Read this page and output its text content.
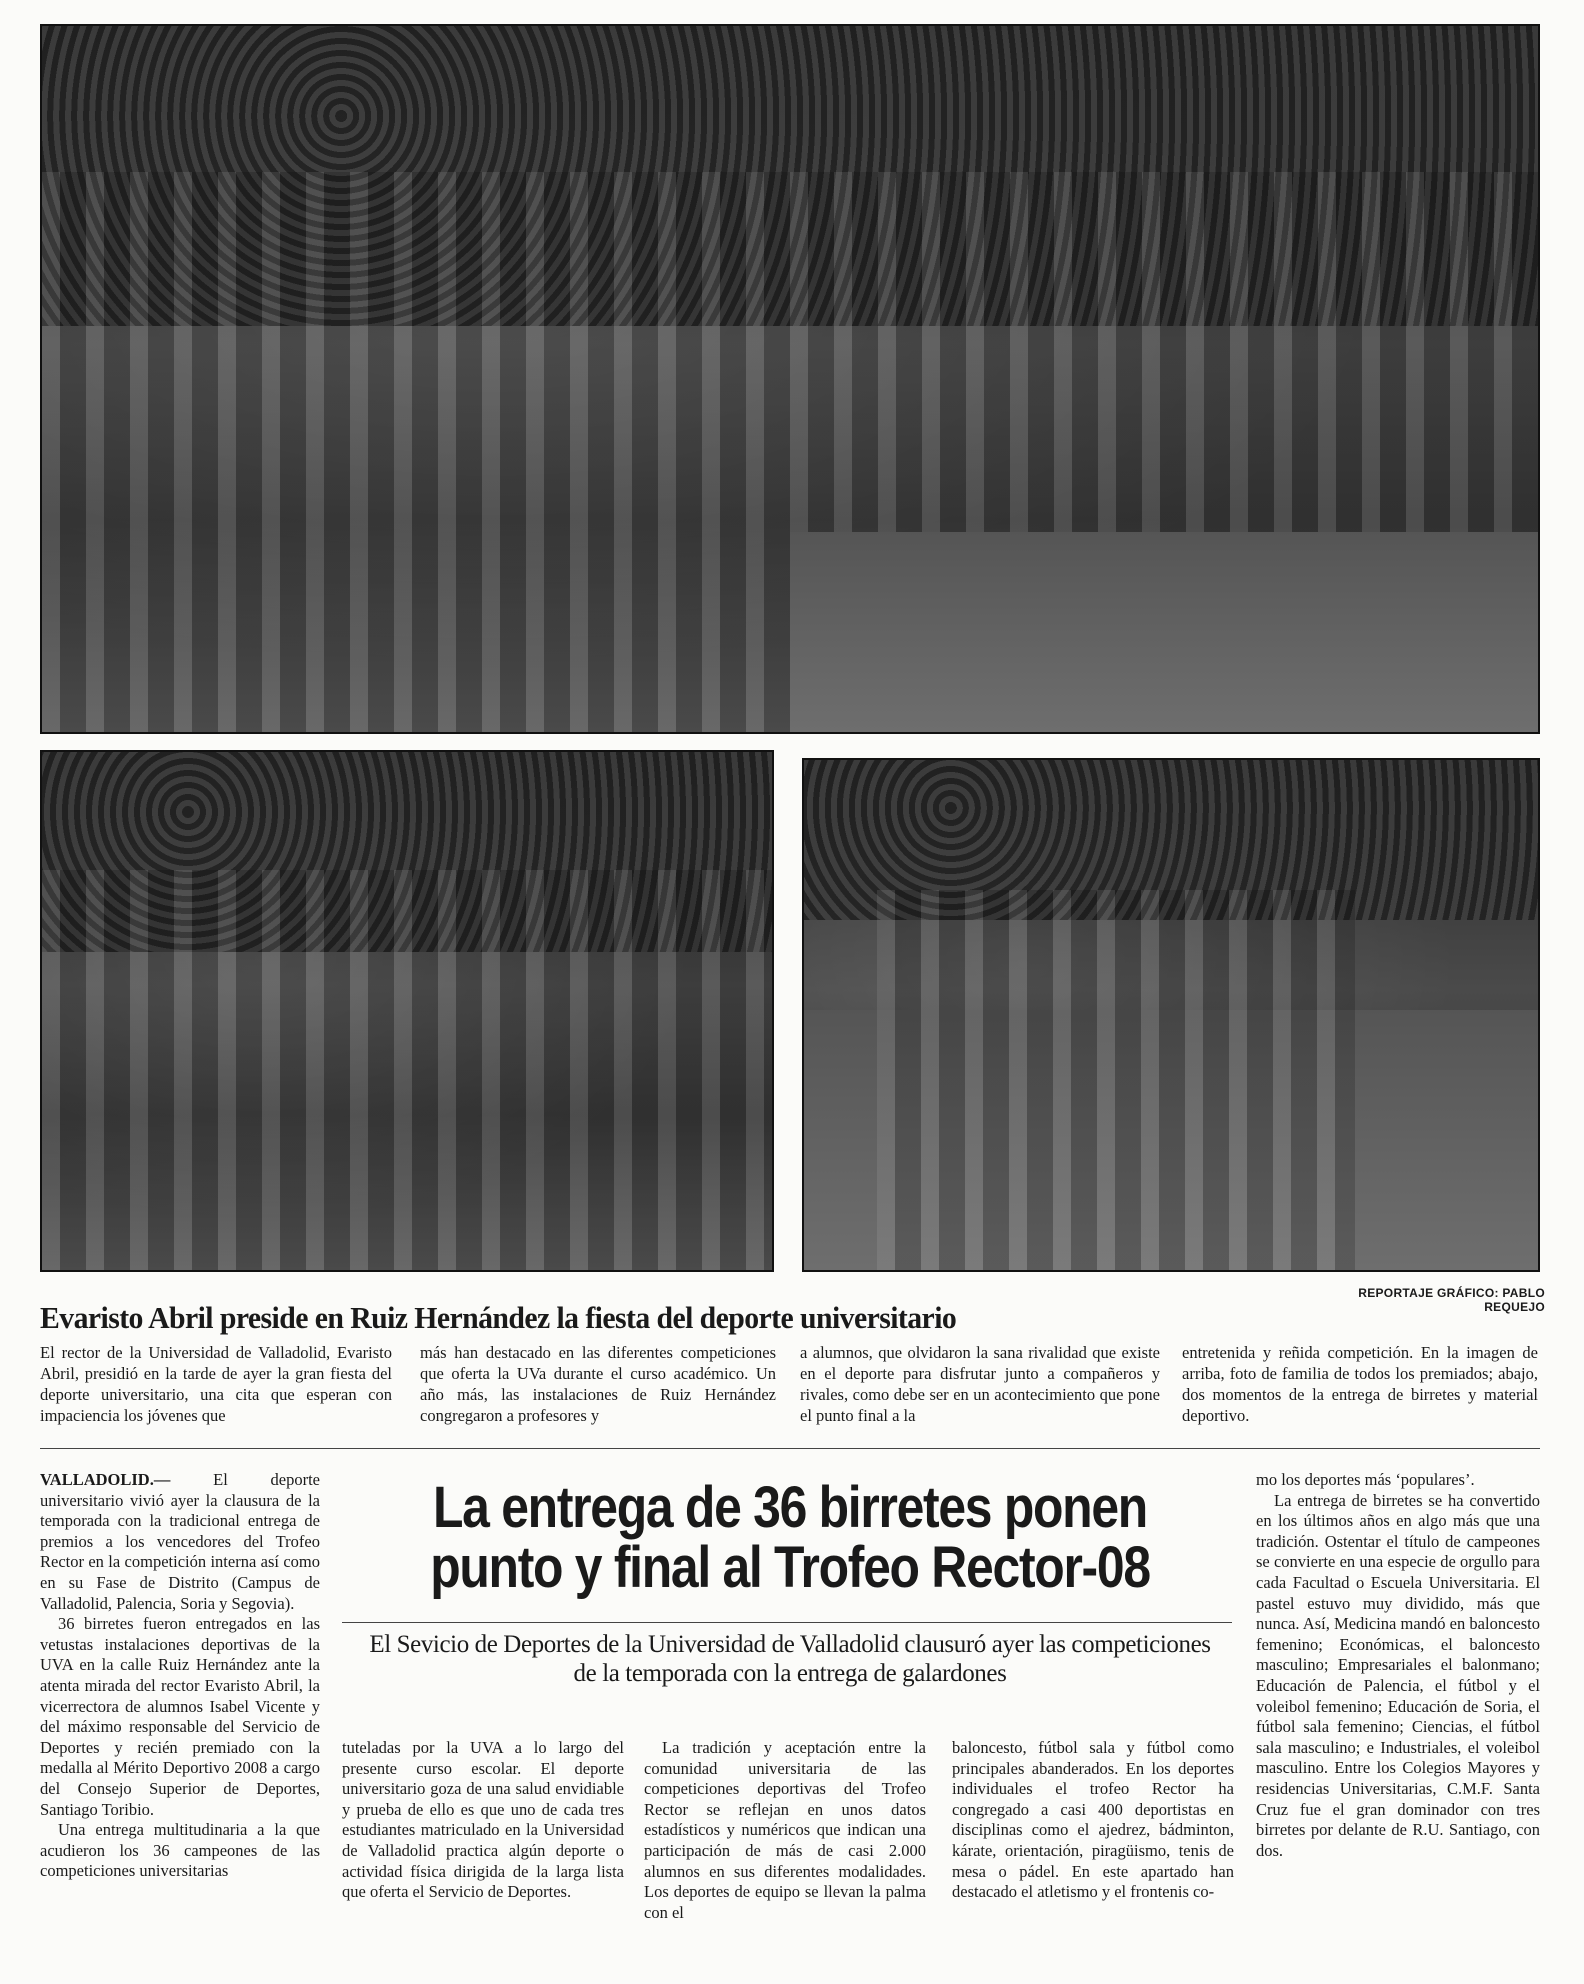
REPORTAJE GRÁFICO: PABLO REQUEJO
Evaristo Abril preside en Ruiz Hernández la fiesta del deporte universitario
El rector de la Universidad de Valladolid, Evaristo Abril, presidió en la tarde de ayer la gran fiesta del deporte universitario, una cita que esperan con impaciencia los jóvenes que
más han destacado en las diferentes competiciones que oferta la UVa durante el curso académico. Un año más, las instalaciones de Ruiz Hernández congregaron a profesores y
a alumnos, que olvidaron la sana rivalidad que existe en el deporte para disfrutar junto a compañeros y rivales, como debe ser en un acontecimiento que pone el punto final a la
entretenida y reñida competición. En la imagen de arriba, foto de familia de todos los premiados; abajo, dos momentos de la entrega de birretes y material deportivo.
La entrega de 36 birretes ponen punto y final al Trofeo Rector-08
El Sevicio de Deportes de la Universidad de Valladolid clausuró ayer las competiciones de la temporada con la entrega de galardones

VALLADOLID.—	El deporte universitario vivió ayer la clausura de la temporada con la tradicional entrega de premios a los vencedores del Trofeo Rector en la competición interna así como en su Fase de Distrito (Campus de Valladolid, Palencia, Soria y Segovia).

36 birretes fueron entregados en las vetustas instalaciones deportivas de la UVA en la calle Ruiz Hernández ante la atenta mirada del rector Evaristo Abril, la vicerrectora de alumnos Isabel Vicente y del máximo responsable del Servicio de Deportes y recién premiado con la medalla al Mérito Deportivo 2008 a cargo del Consejo Superior de Deportes, Santiago Toribio.

Una entrega multitudinaria a la que acudieron los 36 campeones de las competiciones universitarias

tuteladas por la UVA a lo largo del presente curso escolar. El deporte universitario goza de una salud envidiable y prueba de ello es que uno de cada tres estudiantes matriculado en la Universidad de Valladolid practica algún deporte o actividad física dirigida de la larga lista que oferta el Servicio de Deportes.

La tradición y aceptación entre la comunidad universitaria de las competiciones deportivas del Trofeo Rector se reflejan en unos datos estadísticos y numéricos que indican una participación de más de casi 2.000 alumnos en sus diferentes modalidades. Los deportes de equipo se llevan la palma con el

baloncesto, fútbol sala y fútbol como principales abanderados. En los deportes individuales el trofeo Rector ha congregado a casi 400 deportistas en disciplinas como el ajedrez, bádminton, kárate, orientación, piragüismo, tenis de mesa o pádel. En este apartado han destacado el atletismo y el frontenis co-

mo los deportes más ‘populares’.

La entrega de birretes se ha convertido en los últimos años en algo más que una tradición. Ostentar el título de campeones se convierte en una especie de orgullo para cada Facultad o Escuela Universitaria. El pastel estuvo muy dividido, más que nunca. Así, Medicina mandó en baloncesto femenino; Económicas, el baloncesto masculino; Empresariales el balonmano; Educación de Palencia, el fútbol y el voleibol femenino; Educación de Soria, el fútbol sala femenino; Ciencias, el fútbol sala masculino; e Industriales, el voleibol masculino. Entre los Colegios Mayores y residencias Universitarias, C.M.F. Santa Cruz fue el gran dominador con tres birretes por delante de R.U. Santiago, con dos.
